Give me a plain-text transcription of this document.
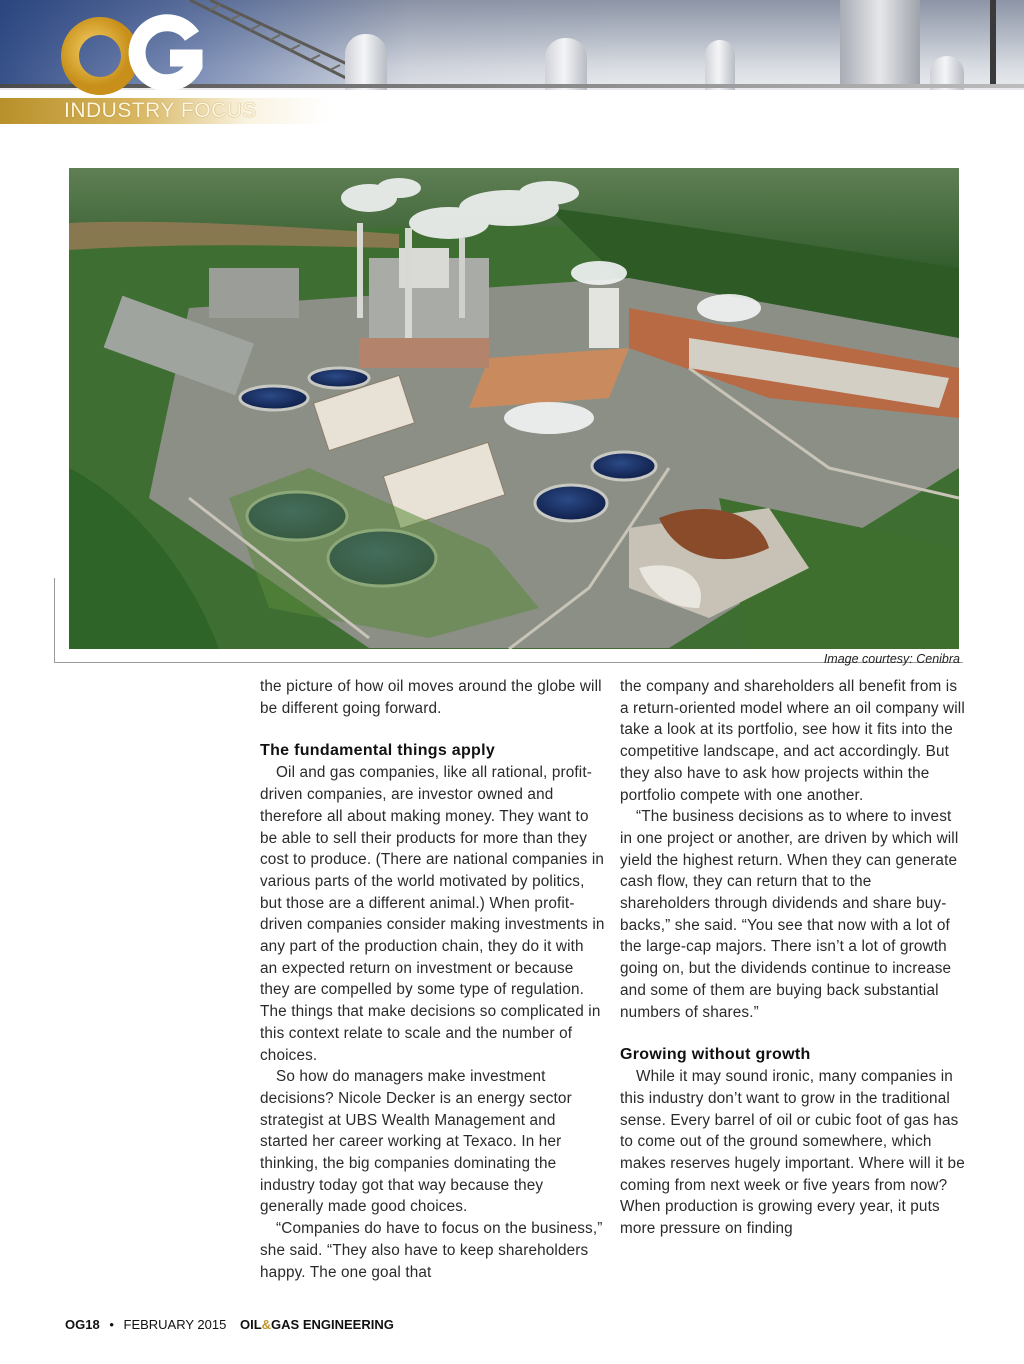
INDUSTRY FOCUS
Image courtesy: Cenibra

the picture of how oil moves around the globe will be different going forward.

The fundamental things apply

Oil and gas companies, like all rational, profit-driven companies, are investor owned and therefore all about making money. They want to be able to sell their products for more than they cost to produce. (There are national companies in various parts of the world motivated by politics, but those are a different animal.) When profit-driven companies consider making investments in any part of the production chain, they do it with an expected return on investment or because they are compelled by some type of regulation. The things that make decisions so complicated in this context relate to scale and the number of choices.

So how do managers make investment decisions? Nicole Decker is an energy sector strategist at UBS Wealth Management and started her career working at Texaco. In her thinking, the big companies dominating the industry today got that way because they generally made good choices.

“Companies do have to focus on the business,” she said. “They also have to keep shareholders happy. The one goal that

the company and shareholders all benefit from is a return-oriented model where an oil company will take a look at its portfolio, see how it fits into the competitive landscape, and act accordingly. But they also have to ask how projects within the portfolio compete with one another.

“The business decisions as to where to invest in one project or another, are driven by which will yield the highest return. When they can generate cash flow, they can return that to the shareholders through dividends and share buy-backs,” she said. “You see that now with a lot of the large-cap majors. There isn’t a lot of growth going on, but the dividends continue to increase and some of them are buying back substantial numbers of shares.”

Growing without growth

While it may sound ironic, many companies in this industry don’t want to grow in the traditional sense. Every barrel of oil or cubic foot of gas has to come out of the ground somewhere, which makes reserves hugely important. Where will it be coming from next week or five years from now? When production is growing every year, it puts more pressure on finding

OG18 • FEBRUARY 2015 OIL&GAS ENGINEERING
